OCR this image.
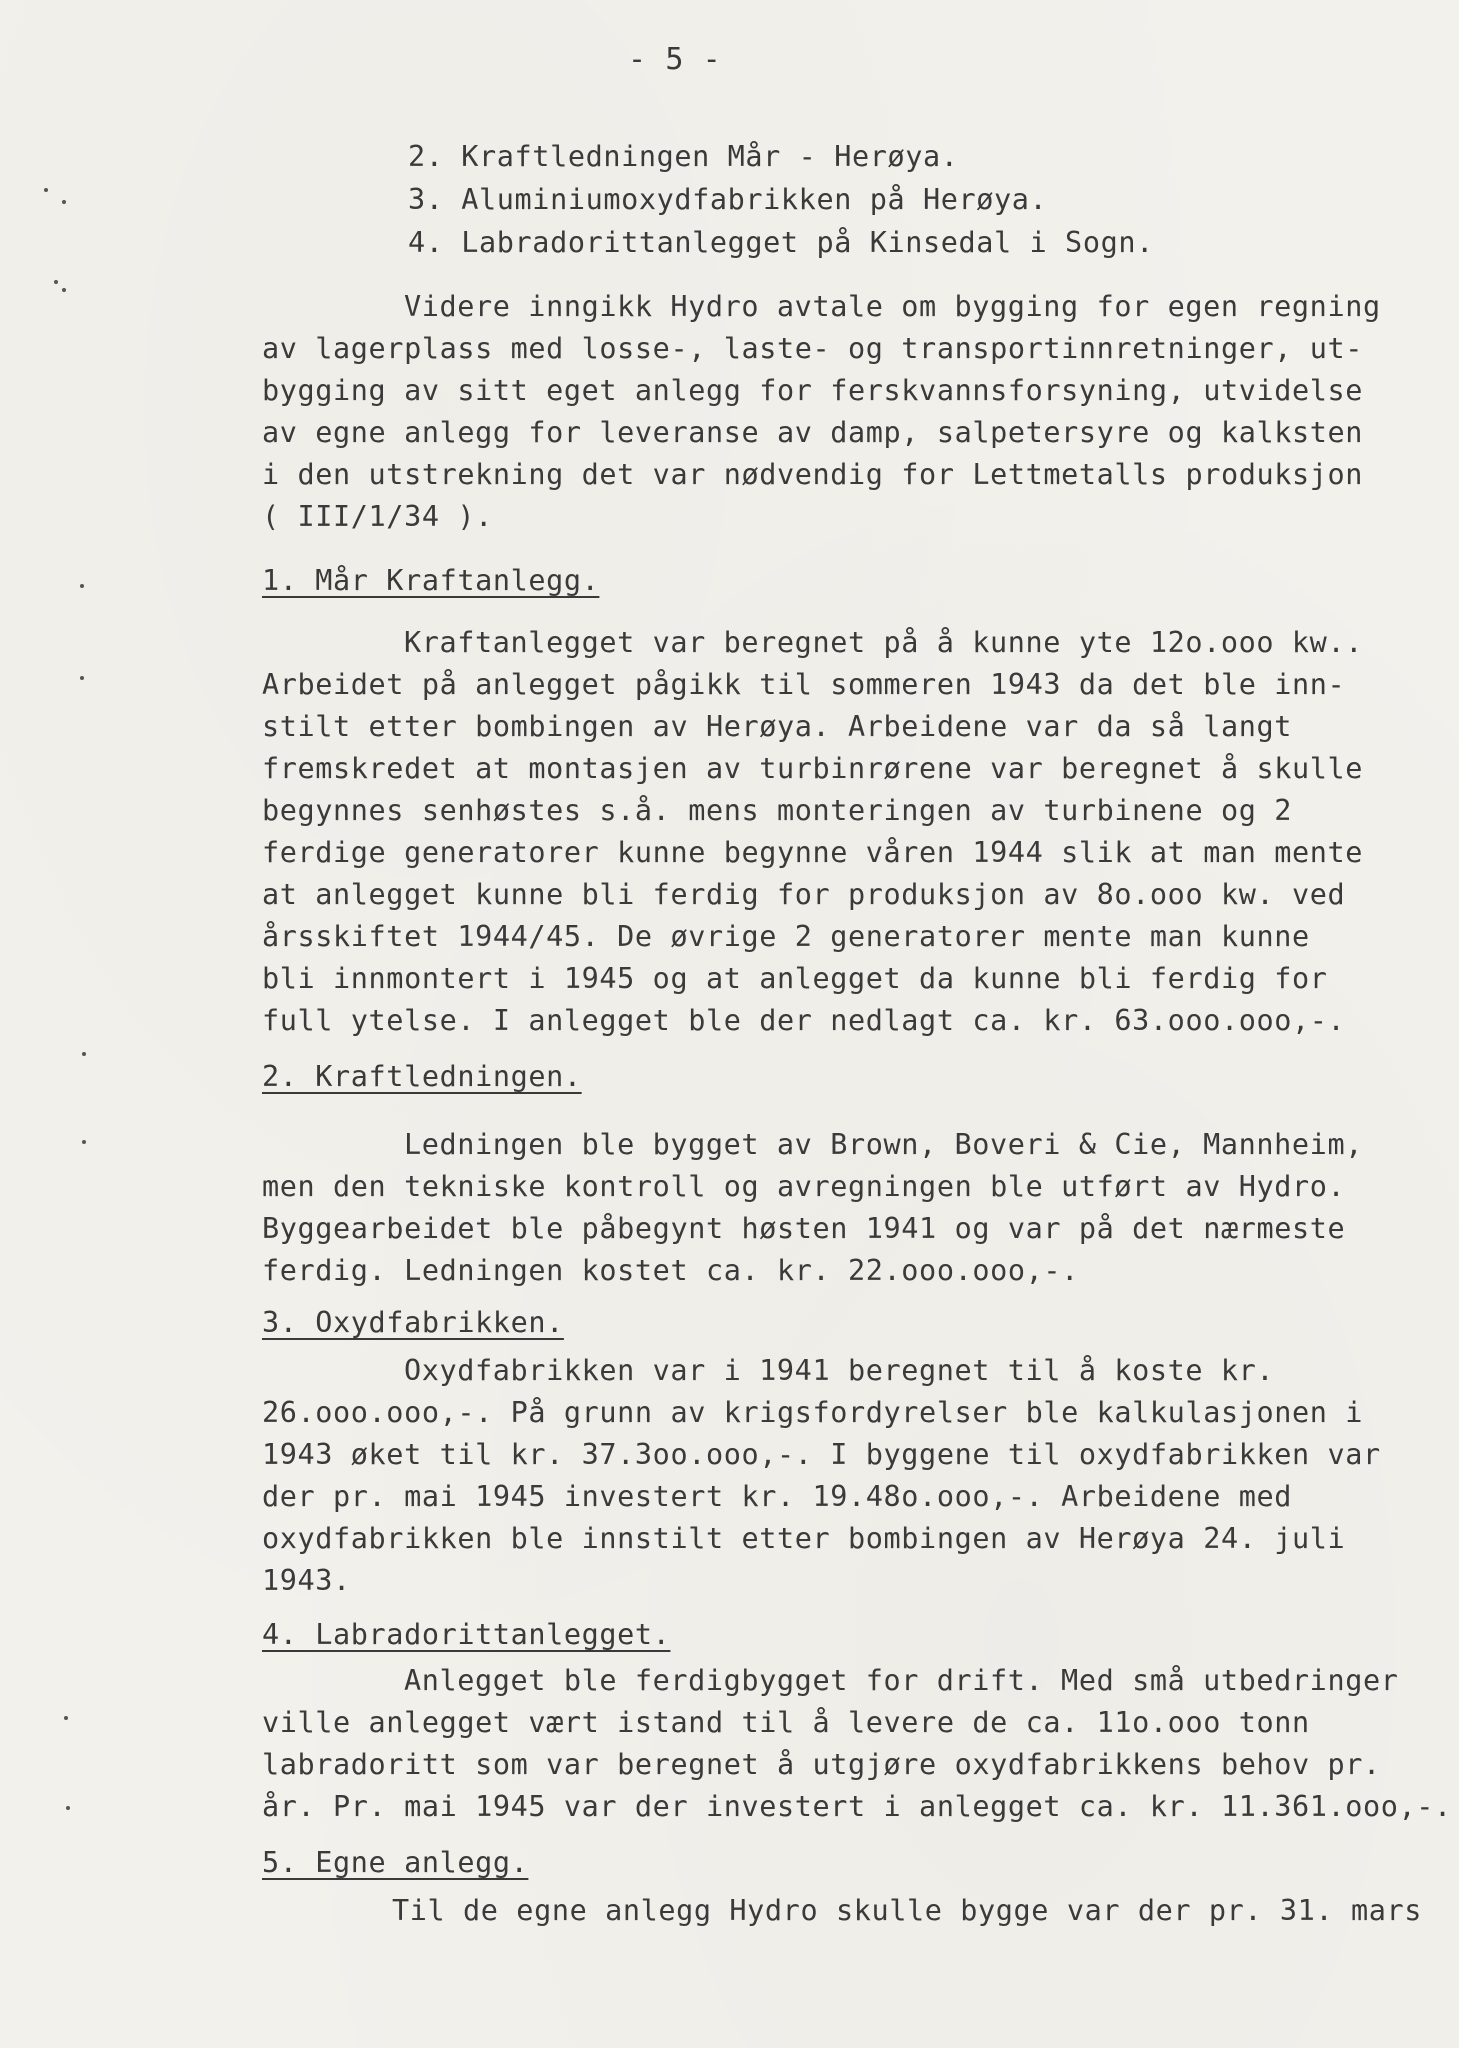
- 5 -
2. Kraftledningen Mår - Herøya.
3. Aluminiumoxydfabrikken på Herøya.
4. Labradorittanlegget på Kinsedal i Sogn.
Videre inngikk Hydro avtale om bygging for egen regning
av lagerplass med losse-, laste- og transportinnretninger, ut-
bygging av sitt eget anlegg for ferskvannsforsyning, utvidelse
av egne anlegg for leveranse av damp, salpetersyre og kalksten
i den utstrekning det var nødvendig for Lettmetalls produksjon
( III/1/34 ).
1. Mår Kraftanlegg.
Kraftanlegget var beregnet på å kunne yte 12o.ooo kw..
Arbeidet på anlegget pågikk til sommeren 1943 da det ble inn-
stilt etter bombingen av Herøya. Arbeidene var da så langt
fremskredet at montasjen av turbinrørene var beregnet å skulle
begynnes senhøstes s.å. mens monteringen av turbinene og 2
ferdige generatorer kunne begynne våren 1944 slik at man mente
at anlegget kunne bli ferdig for produksjon av 8o.ooo kw. ved
årsskiftet 1944/45. De øvrige 2 generatorer mente man kunne
bli innmontert i 1945 og at anlegget da kunne bli ferdig for
full ytelse. I anlegget ble der nedlagt ca. kr. 63.ooo.ooo,-.
2. Kraftledningen.
Ledningen ble bygget av Brown, Boveri & Cie, Mannheim,
men den tekniske kontroll og avregningen ble utført av Hydro.
Byggearbeidet ble påbegynt høsten 1941 og var på det nærmeste
ferdig. Ledningen kostet ca. kr. 22.ooo.ooo,-.
3. Oxydfabrikken.
Oxydfabrikken var i 1941 beregnet til å koste kr.
26.ooo.ooo,-. På grunn av krigsfordyrelser ble kalkulasjonen i
1943 øket til kr. 37.3oo.ooo,-. I byggene til oxydfabrikken var
der pr. mai 1945 investert kr. 19.48o.ooo,-. Arbeidene med
oxydfabrikken ble innstilt etter bombingen av Herøya 24. juli
1943.
4. Labradorittanlegget.
Anlegget ble ferdigbygget for drift. Med små utbedringer
ville anlegget vært istand til å levere de ca. 11o.ooo tonn
labradoritt som var beregnet å utgjøre oxydfabrikkens behov pr.
år. Pr. mai 1945 var der investert i anlegget ca. kr. 11.361.ooo,-.
5. Egne anlegg.
Til de egne anlegg Hydro skulle bygge var der pr. 31. mars
